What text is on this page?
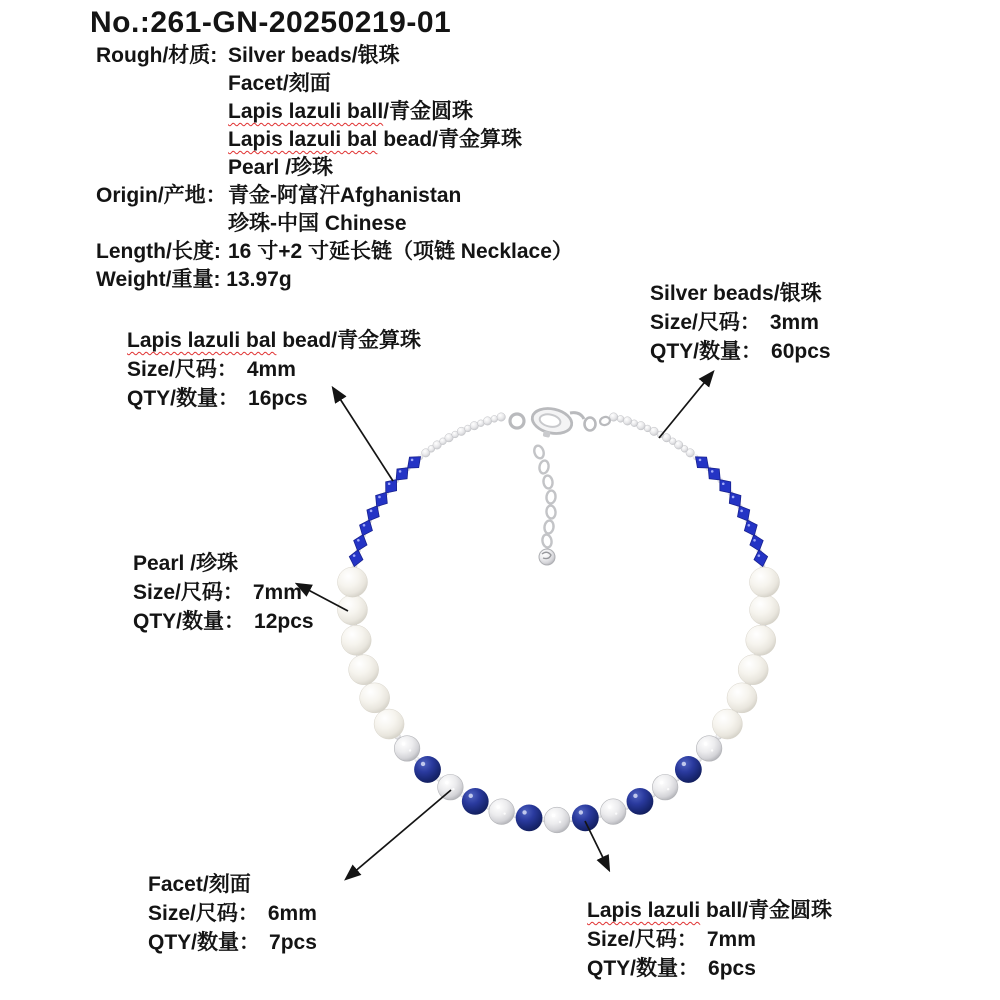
No.:261-GN-20250219-01
Rough/材质: Silver beads/银珠
Facet/刻面
Lapis lazuli ball/青金圆珠
Lapis lazuli bal bead/青金算珠
Pearl /珍珠
Origin/产地：青金-阿富汗Afghanistan
珍珠-中国 Chinese
Length/长度: 16 寸+2 寸延长链（项链 Necklace）
Weight/重量: 13.97g
Silver beads/银珠
Size/尺码： 3mm
QTY/数量： 60pcs
Lapis lazuli bal bead/青金算珠
Size/尺码： 4mm
QTY/数量： 16pcs
Pearl /珍珠
Size/尺码： 7mm
QTY/数量： 12pcs
Facet/刻面
Size/尺码： 6mm
QTY/数量： 7pcs
Lapis lazuli ball/青金圆珠
Size/尺码： 7mm
QTY/数量： 6pcs
